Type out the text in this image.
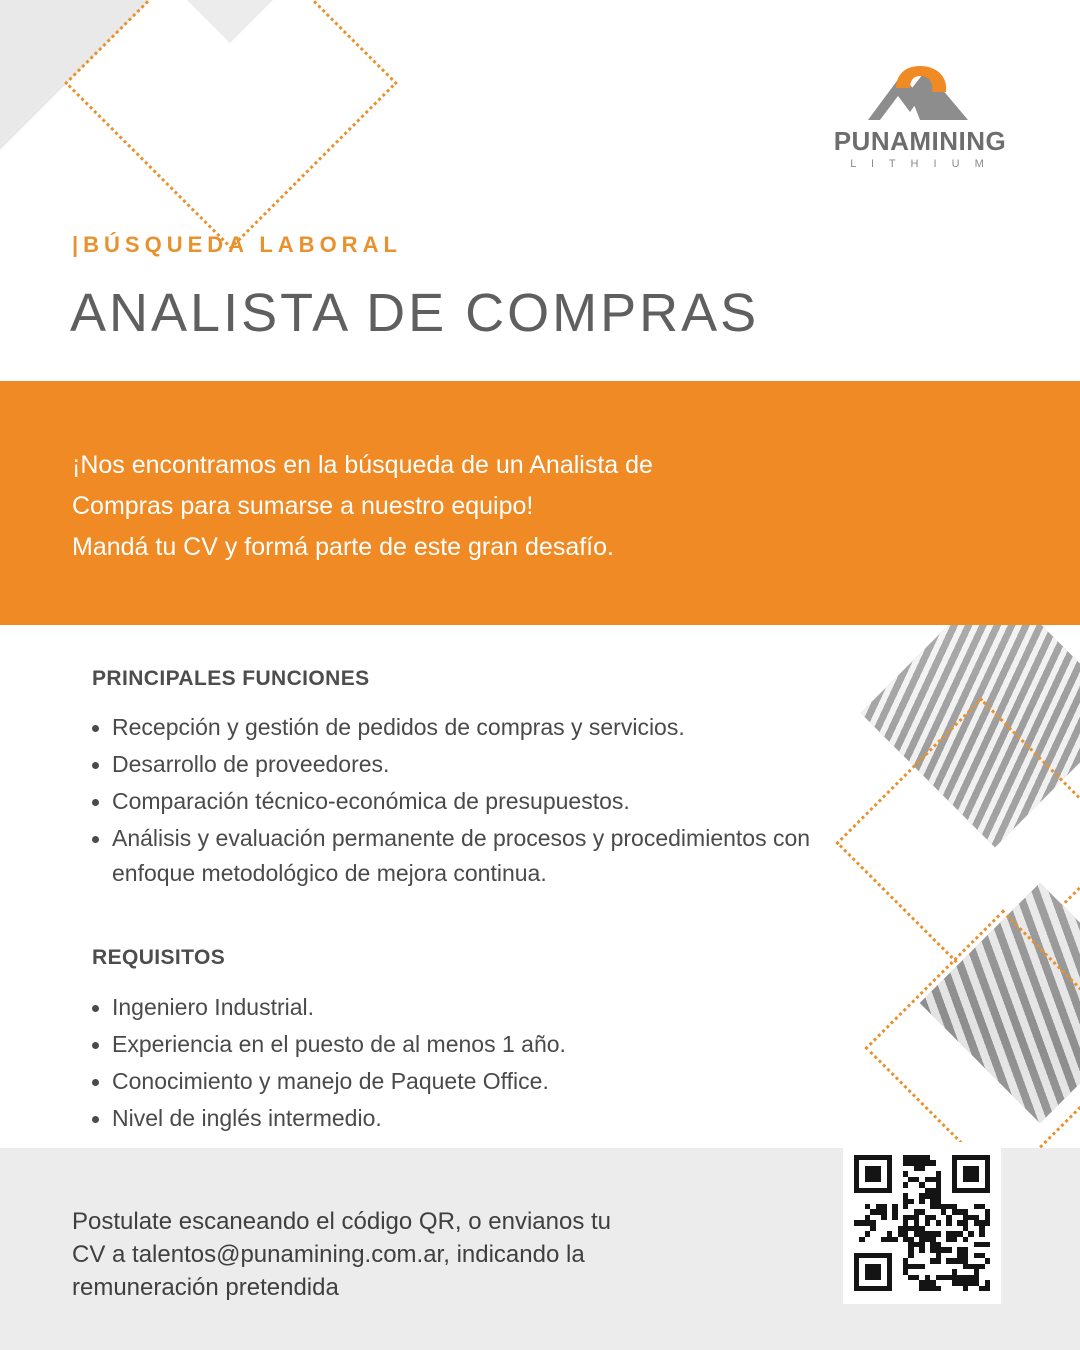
PUNAMINING
L I T H I U M
|BÚSQUEDA LABORAL
ANALISTA DE COMPRAS
¡Nos encontramos en la búsqueda de un Analista de
Compras para sumarse a nuestro equipo!
Mandá tu CV y formá parte de este gran desafío.
PRINCIPALES FUNCIONES
Recepción y gestión de pedidos de compras y servicios.
Desarrollo de proveedores.
Comparación técnico-económica de presupuestos.
Análisis y evaluación permanente de procesos y procedimientos con enfoque metodológico de mejora continua.
REQUISITOS
Ingeniero Industrial.
Experiencia en el puesto de al menos 1 año.
Conocimiento y manejo de Paquete Office.
Nivel de inglés intermedio.
Postulate escaneando el código QR, o envianos tu
CV a talentos@punamining.com.ar, indicando la
remuneración pretendida
